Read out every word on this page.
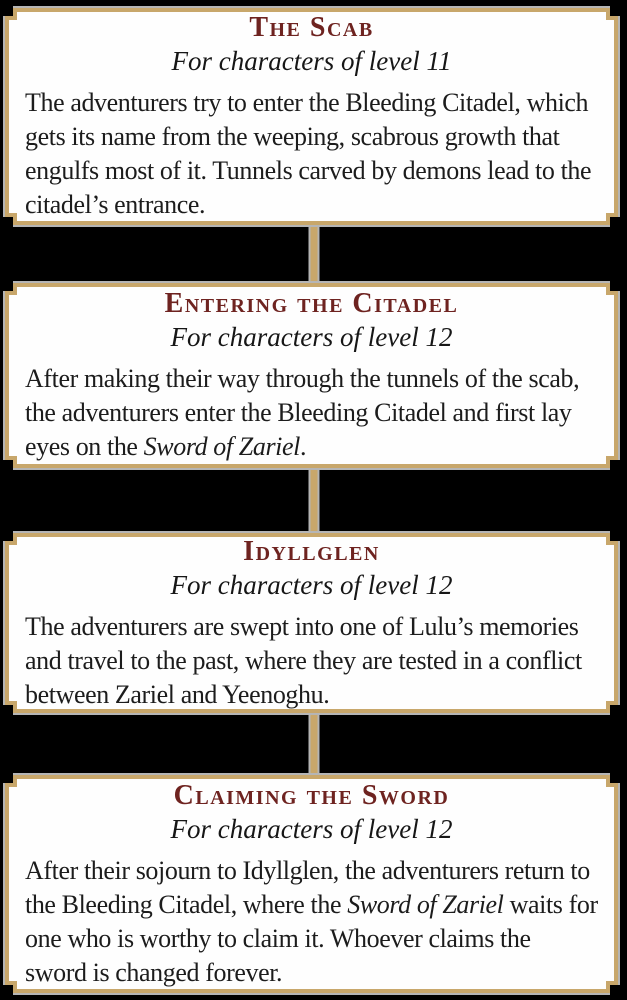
The Scab
For characters of level 11
The adventurers try to enter the Bleeding Citadel, which gets its name from the weeping, scabrous growth that engulfs most of it. Tunnels carved by demons lead to the citadel’s entrance.
Entering the Citadel
For characters of level 12
After making their way through the tunnels of the scab, the adventurers enter the Bleeding Citadel and first lay eyes on the Sword of Zariel.
Idyllglen
For characters of level 12
The adventurers are swept into one of Lulu’s memories and travel to the past, where they are tested in a conflict between Zariel and Yeenoghu.
Claiming the Sword
For characters of level 12
After their sojourn to Idyllglen, the adventurers return to the Bleeding Citadel, where the Sword of Zariel waits for one who is worthy to claim it. Whoever claims the sword is changed forever.
